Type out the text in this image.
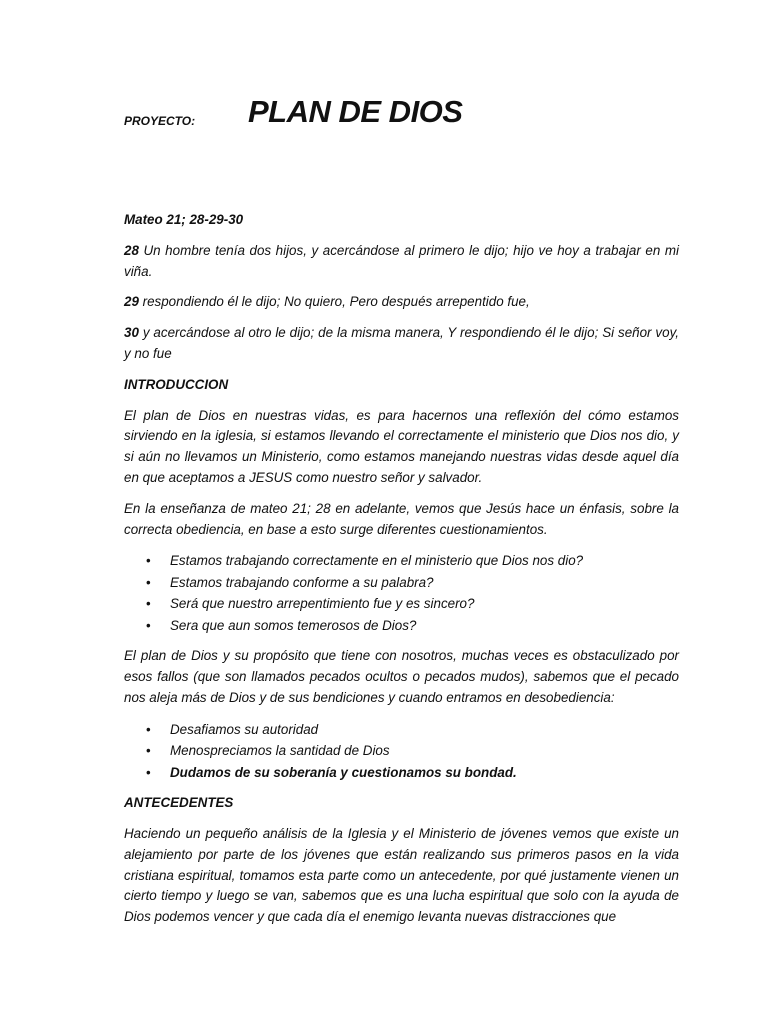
PROYECTO: PLAN DE DIOS

Mateo 21; 28-29-30

28 Un hombre tenía dos hijos, y acercándose al primero le dijo; hijo ve hoy a trabajar en mi viña.

29 respondiendo él le dijo; No quiero, Pero después arrepentido fue,

30 y acercándose al otro le dijo; de la misma manera, Y respondiendo él le dijo; Si señor voy, y no fue

INTRODUCCION

El plan de Dios en nuestras vidas, es para hacernos una reflexión del cómo estamos sirviendo en la iglesia, si estamos llevando el correctamente el ministerio que Dios nos dio, y si aún no llevamos un Ministerio, como estamos manejando nuestras vidas desde aquel día en que aceptamos a JESUS como nuestro señor y salvador.

En la enseñanza de mateo 21; 28 en adelante, vemos que Jesús hace un énfasis, sobre la correcta obediencia, en base a esto surge diferentes cuestionamientos.

• Estamos trabajando correctamente en el ministerio que Dios nos dio?
• Estamos trabajando conforme a su palabra?
• Será que nuestro arrepentimiento fue y es sincero?
• Sera que aun somos temerosos de Dios?

El plan de Dios y su propósito que tiene con nosotros, muchas veces es obstaculizado por esos fallos (que son llamados pecados ocultos o pecados mudos), sabemos que el pecado nos aleja más de Dios y de sus bendiciones y cuando entramos en desobediencia:

• Desafiamos su autoridad
• Menospreciamos la santidad de Dios
• Dudamos de su soberanía y cuestionamos su bondad.

ANTECEDENTES

Haciendo un pequeño análisis de la Iglesia y el Ministerio de jóvenes vemos que existe un alejamiento por parte de los jóvenes que están realizando sus primeros pasos en la vida cristiana espiritual, tomamos esta parte como un antecedente, por qué justamente vienen un cierto tiempo y luego se van, sabemos que es una lucha espiritual que solo con la ayuda de Dios podemos vencer y que cada día el enemigo levanta nuevas distracciones que
